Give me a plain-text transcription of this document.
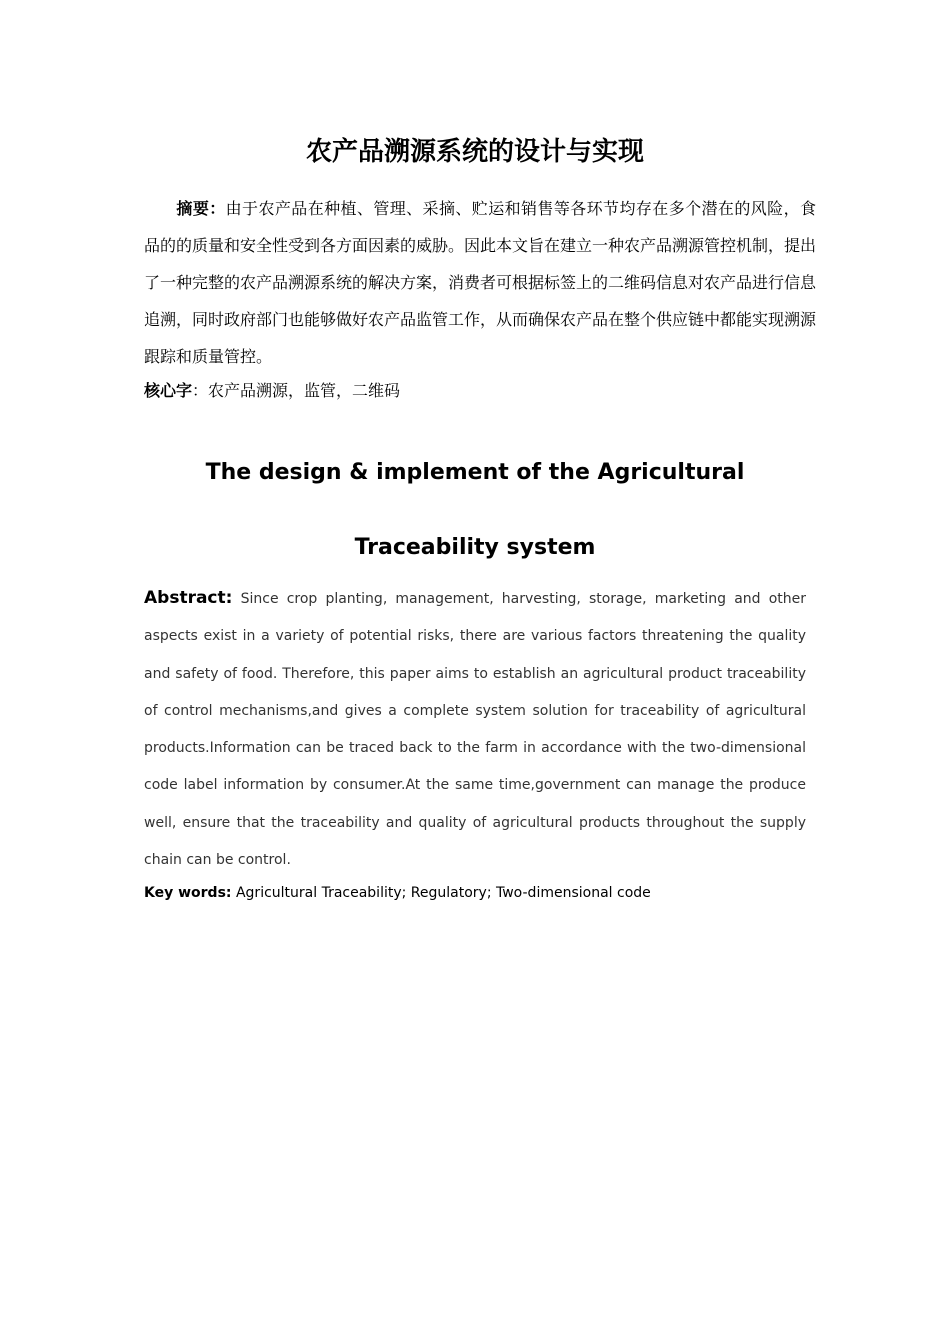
农产品溯源系统的设计与实现

摘要：由于农产品在种植、管理、采摘、贮运和销售等各环节均存在多个潜在的风险，食品的的质量和安全性受到各方面因素的威胁。因此本文旨在建立一种农产品溯源管控机制，提出了一种完整的农产品溯源系统的解决方案，消费者可根据标签上的二维码信息对农产品进行信息追溯，同时政府部门也能够做好农产品监管工作，从而确保农产品在整个供应链中都能实现溯源跟踪和质量管控。

核心字：农产品溯源，监管，二维码

The design & implement of the Agricultural
Traceability system

Abstract: Since crop planting, management, harvesting, storage, marketing and other aspects exist in a variety of potential risks, there are various factors threatening the quality and safety of food. Therefore, this paper aims to establish an agricultural product traceability of control mechanisms,and gives a complete system solution for traceability of agricultural products.Information can be traced back to the farm in accordance with the two-dimensional code label information by consumer.At the same time,government can manage the produce well, ensure that the traceability and quality of agricultural products throughout the supply chain can be control.

Key words: Agricultural Traceability; Regulatory; Two-dimensional code
